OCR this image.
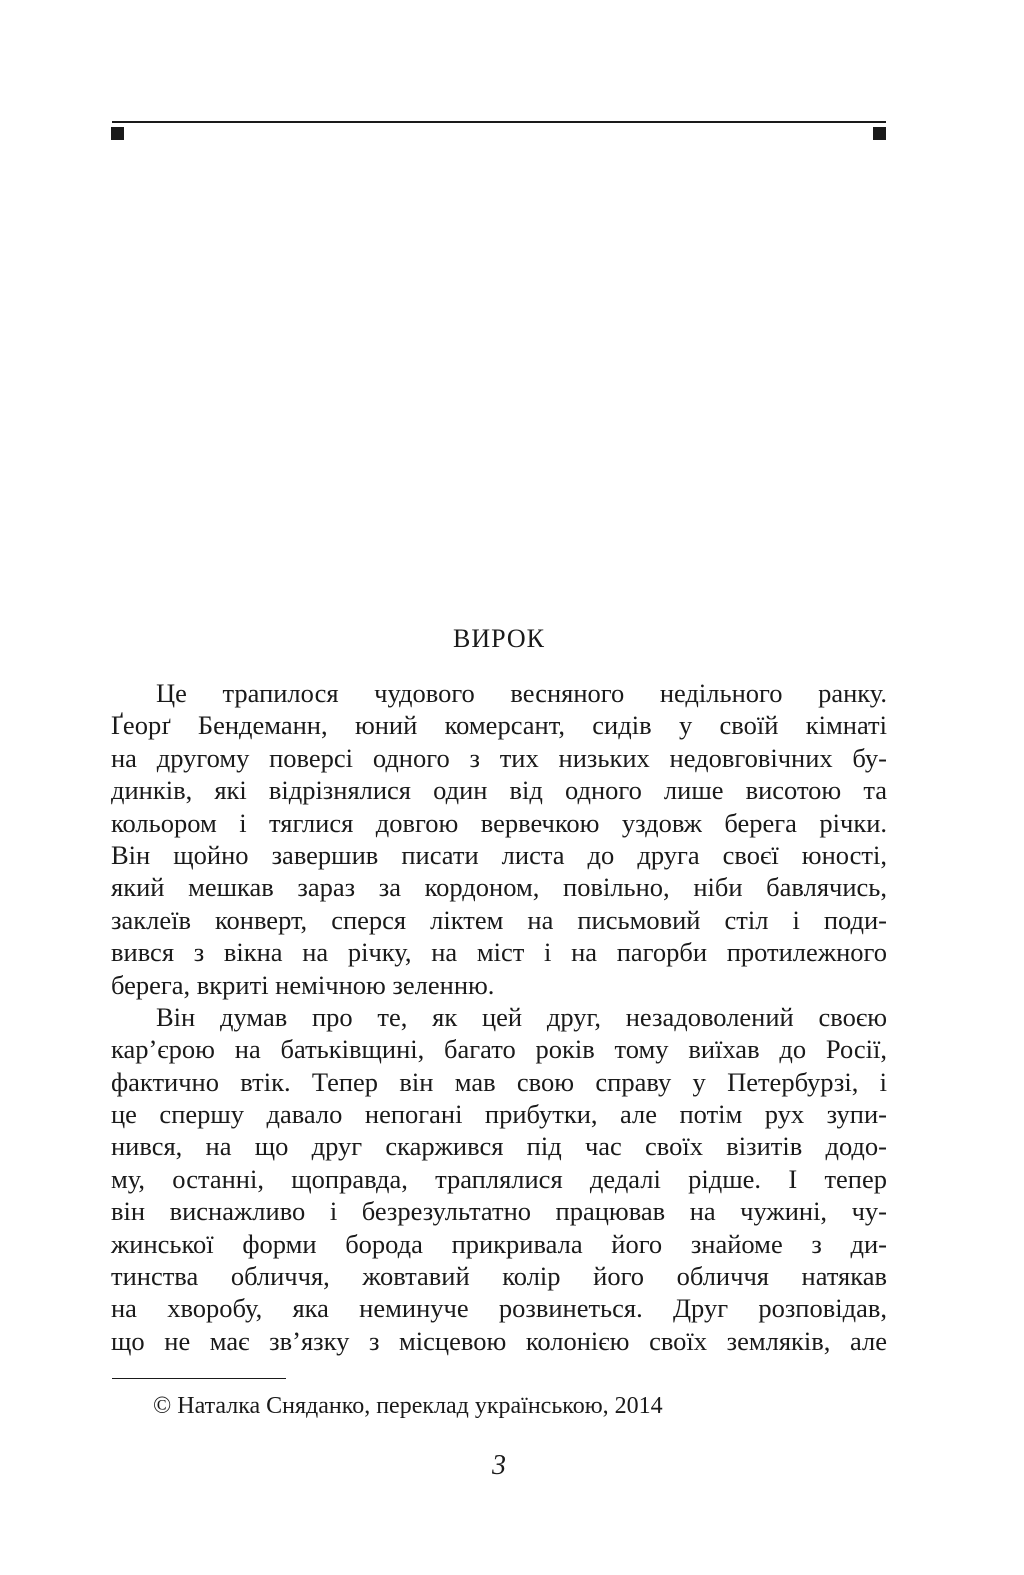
ВИРОК
Це трапилося чудового весняного недільного ранку.
Ґеорґ Бендеманн, юний комерсант, сидів у своїй кімнаті
на другому поверсі одного з тих низьких недовговічних бу-
динків, які відрізнялися один від одного лише висотою та
кольором і тяглися довгою вервечкою уздовж берега річки.
Він щойно завершив писати листа до друга своєї юності,
який мешкав зараз за кордоном, повільно, ніби бавлячись,
заклеїв конверт, сперся ліктем на письмовий стіл і поди-
вився з вікна на річку, на міст і на пагорби протилежного
берега, вкриті немічною зеленню.
Він думав про те, як цей друг, незадоволений своєю
кар’єрою на батьківщині, багато років тому виїхав до Росії,
фактично втік. Тепер він мав свою справу у Петербурзі, і
це спершу давало непогані прибутки, але потім рух зупи-
нився, на що друг скаржився під час своїх візитів додо-
му, останні, щоправда, траплялися дедалі рідше. І тепер
він виснажливо і безрезультатно працював на чужині, чу-
жинської форми борода прикривала його знайоме з ди-
тинства обличчя, жовтавий колір його обличчя натякав
на хворобу, яка неминуче розвинеться. Друг розповідав,
що не має зв’язку з місцевою колонією своїх земляків, але
© Наталка Сняданко, переклад українською, 2014
3
